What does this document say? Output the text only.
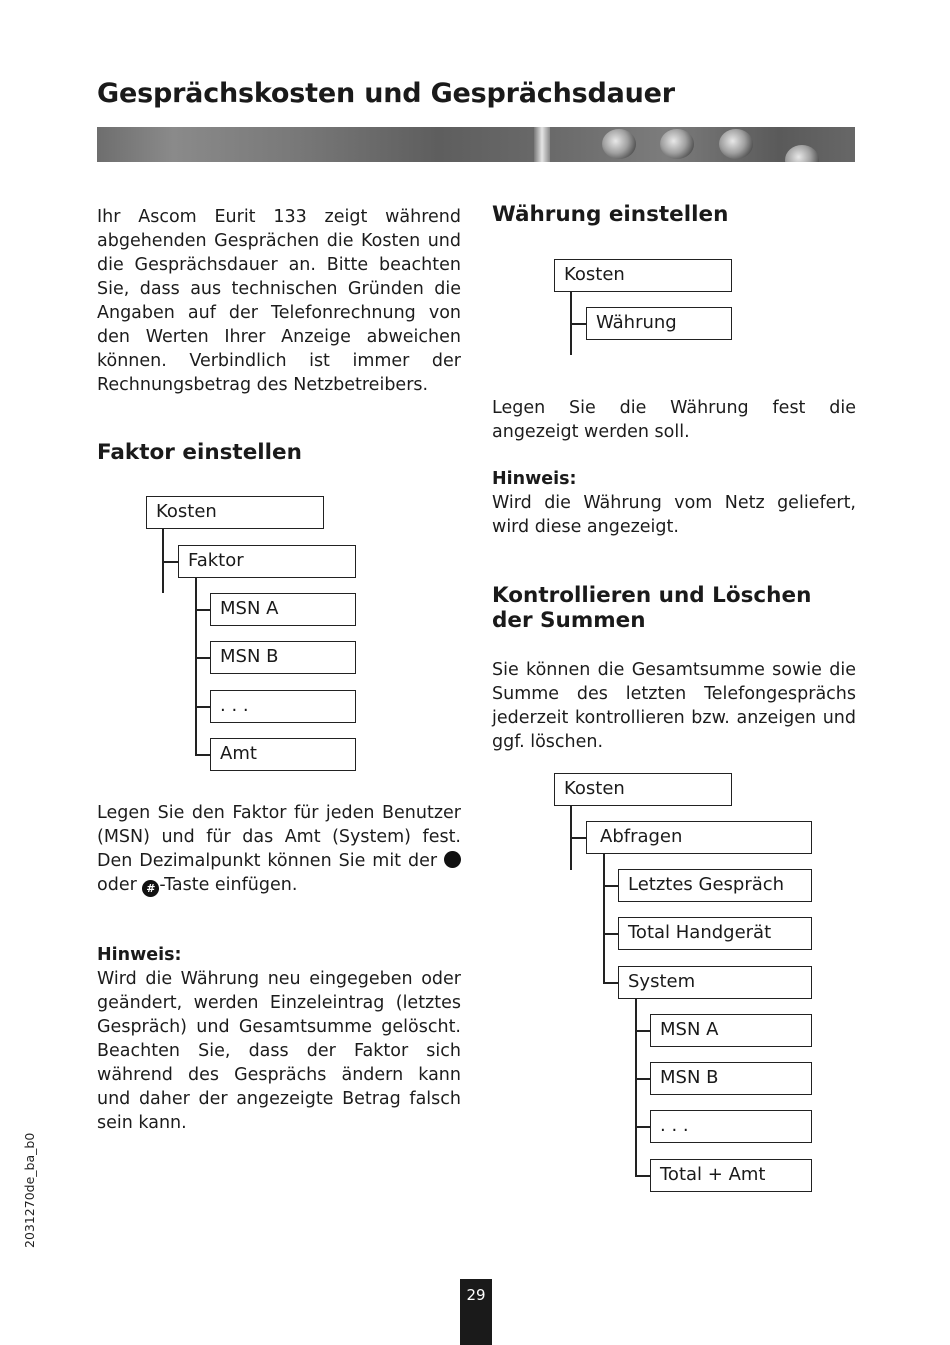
Gesprächskosten und Gesprächsdauer

Ihr Ascom Eurit 133 zeigt während abgehenden Gesprächen die Kosten und die Gesprächsdauer an. Bitte beachten Sie, dass aus technischen Gründen die Angaben auf der Telefonrechnung von den Werten Ihrer Anzeige abweichen können. Verbindlich ist immer der Rechnungsbetrag des Netzbetreibers.

Faktor einstellen
Kosten
Faktor
MSN A
MSN B
. . .
Amt

Legen Sie den Faktor für jeden Benutzer (MSN) und für das Amt (System) fest. Den Dezimalpunkt können Sie mit der  oder # -Taste einfügen.

Hinweis:

Wird die Währung neu eingegeben oder geändert, werden Einzeleintrag (letztes Gespräch) und Gesamtsumme gelöscht. Beachten Sie, dass der Faktor sich während des Gesprächs ändern kann und daher der angezeigte Betrag falsch sein kann.

Währung einstellen
Kosten
Währung

Legen Sie die Währung fest die angezeigt werden soll.

Hinweis:

Wird die Währung vom Netz geliefert, wird diese angezeigt.

Kontrollieren und Löschen der Summen

Sie können die Gesamtsumme sowie die Summe des letzten Telefongesprächs jederzeit kontrollieren bzw. anzeigen und ggf. löschen.

Kosten
Abfragen
Letztes Gespräch
Total Handgerät
System
MSN A
MSN B
. . .
Total + Amt
2031270de_ba_b0
29
